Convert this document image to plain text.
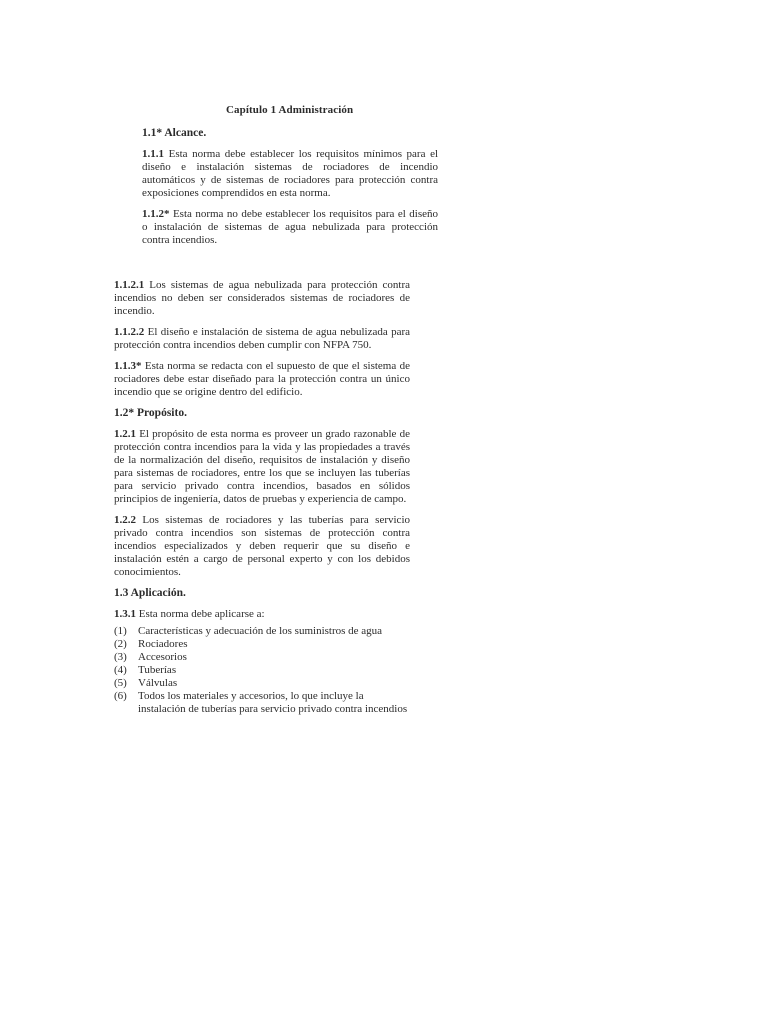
Capítulo 1 Administración
1.1* Alcance.

1.1.1 Esta norma debe establecer los requisitos mínimos para el diseño e instalación sistemas de rociadores de incendio automáticos y de sistemas de rociadores para protección contra exposiciones comprendidos en esta norma.

1.1.2* Esta norma no debe establecer los requisitos para el diseño o instalación de sistemas de agua nebulizada para protección contra incendios.

1.1.2.1 Los sistemas de agua nebulizada para protección contra incendios no deben ser considerados sistemas de rociadores de incendio.

1.1.2.2 El diseño e instalación de sistema de agua nebulizada para protección contra incendios deben cumplir con NFPA 750.

1.1.3* Esta norma se redacta con el supuesto de que el sistema de rociadores debe estar diseñado para la protección contra un único incendio que se origine dentro del edificio.

1.2* Propósito.

1.2.1 El propósito de esta norma es proveer un grado razonable de protección contra incendios para la vida y las propiedades a través de la normalización del diseño, requisitos de instalación y diseño para sistemas de rociadores, entre los que se incluyen las tuberías para servicio privado contra incendios, basados en sólidos principios de ingeniería, datos de pruebas y experiencia de campo.

1.2.2 Los sistemas de rociadores y las tuberías para servicio privado contra incendios son sistemas de protección contra incendios especializados y deben requerir que su diseño e instalación estén a cargo de personal experto y con los debidos conocimientos.

1.3 Aplicación.

1.3.1 Esta norma debe aplicarse a:

(1)	Características y adecuación de los suministros de agua
(2)	Rociadores
(3)	Accesorios
(4)	Tuberías
(5)	Válvulas
(6)	Todos los materiales y accesorios, lo que incluye la instalación de tuberías para servicio privado contra incendios
